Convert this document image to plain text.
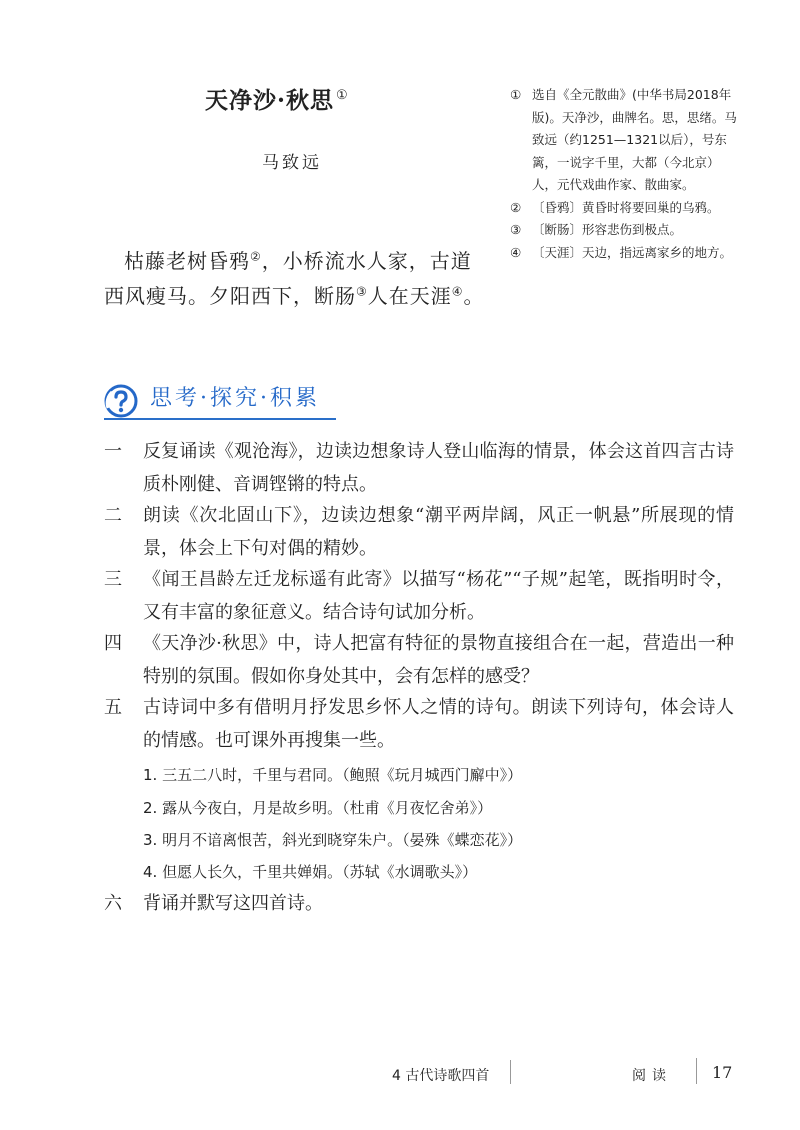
天净沙·秋思 ①
马致远
枯藤老树昏鸦②，小桥流水人家，古道
西风瘦马。夕阳西下，断肠③人在天涯④。
① 选自《全元散曲》(中华书局2018年版)。天净沙，曲牌名。思，思绪。马致远（约1251—1321以后），号东篱，一说字千里，大都（今北京）人，元代戏曲作家、散曲家。
② 〔昏鸦〕黄昏时将要回巢的乌鸦。
③ 〔断肠〕形容悲伤到极点。
④ 〔天涯〕天边，指远离家乡的地方。
思考·探究·积累
一	反复诵读《观沧海》，边读边想象诗人登山临海的情景，体会这首四言古诗质朴刚健、音调铿锵的特点。
二	朗读《次北固山下》，边读边想象“潮平两岸阔，风正一帆悬”所展现的情景，体会上下句对偶的精妙。
三	《闻王昌龄左迁龙标遥有此寄》以描写“杨花”“子规”起笔，既指明时令，又有丰富的象征意义。结合诗句试加分析。
四	《天净沙·秋思》中，诗人把富有特征的景物直接组合在一起，营造出一种特别的氛围。假如你身处其中，会有怎样的感受？
五	古诗词中多有借明月抒发思乡怀人之情的诗句。朗读下列诗句，体会诗人的情感。也可课外再搜集一些。
1. 三五二八时，千里与君同。（鲍照《玩月城西门廨中》）
2. 露从今夜白，月是故乡明。（杜甫《月夜忆舍弟》）
3. 明月不谙离恨苦，斜光到晓穿朱户。（晏殊《蝶恋花》）
4. 但愿人长久，千里共婵娟。（苏轼《水调歌头》）
六	背诵并默写这四首诗。
4 古代诗歌四首	阅读	17
